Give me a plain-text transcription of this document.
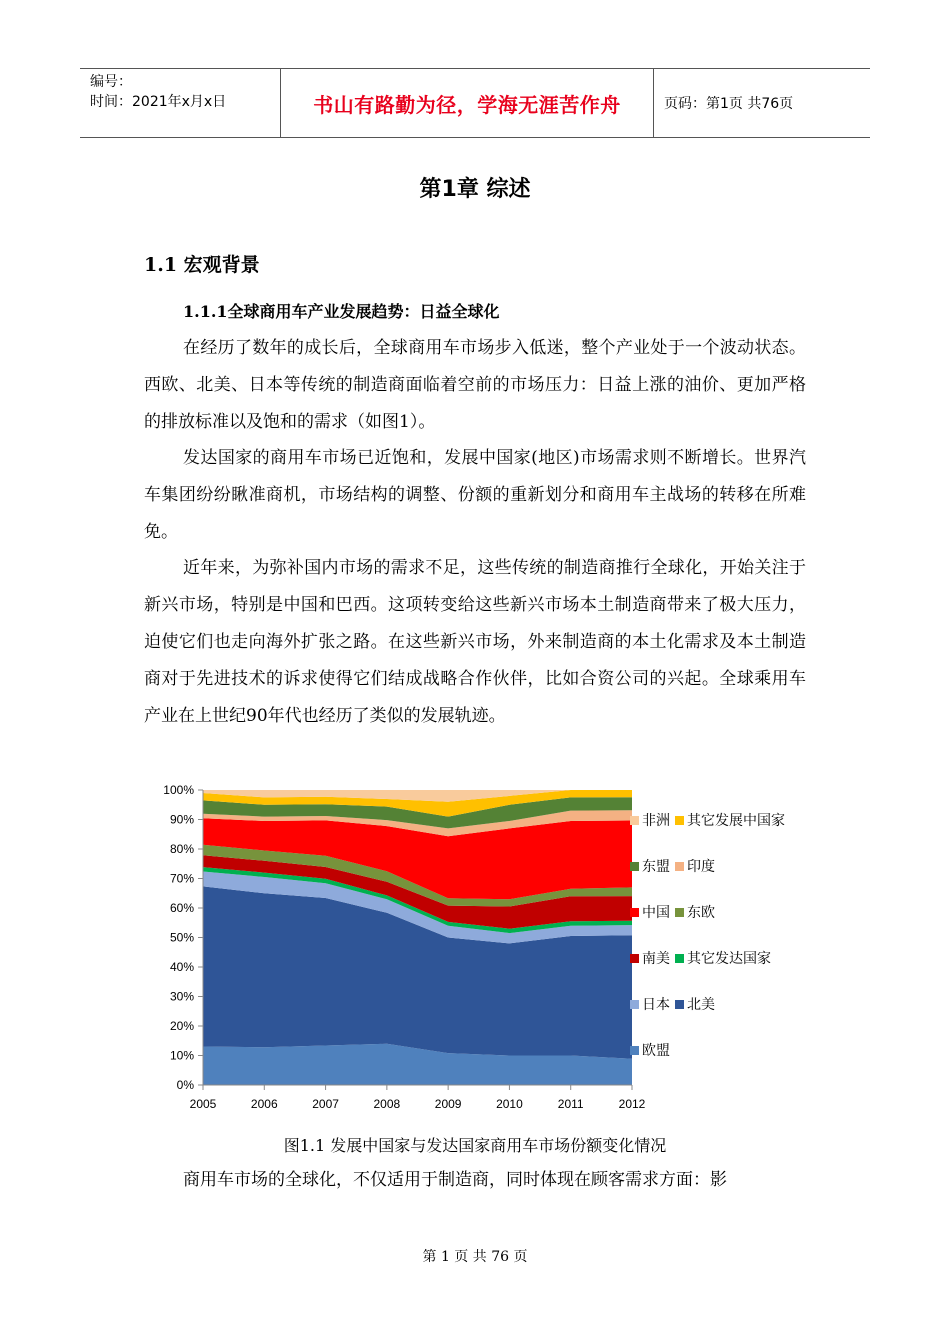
编号：
时间：2021年x月x日	书山有路勤为径，学海无涯苦作舟	页码：第1页 共76页
第1章 综述
1.1 宏观背景
1.1.1全球商用车产业发展趋势：日益全球化
在经历了数年的成长后，全球商用车市场步入低迷，整个产业处于一个波动状态。西欧、北美、日本等传统的制造商面临着空前的市场压力：日益上涨的油价、更加严格的排放标准以及饱和的需求（如图1）。
发达国家的商用车市场已近饱和，发展中国家(地区)市场需求则不断增长。世界汽车集团纷纷瞅准商机，市场结构的调整、份额的重新划分和商用车主战场的转移在所难免。
近年来，为弥补国内市场的需求不足，这些传统的制造商推行全球化，开始关注于新兴市场，特别是中国和巴西。这项转变给这些新兴市场本土制造商带来了极大压力，迫使它们也走向海外扩张之路。在这些新兴市场，外来制造商的本土化需求及本土制造商对于先进技术的诉求使得它们结成战略合作伙伴，比如合资公司的兴起。全球乘用车产业在上世纪90年代也经历了类似的发展轨迹。
0%
10%
20%
30%
40%
50%
60%
70%
80%
90%
100%
2005	2006	2007	2008	2009	2010	2011	2012
非洲 其它发展中国家
东盟 印度
中国 东欧
南美 其它发达国家
日本 北美
欧盟
图1.1 发展中国家与发达国家商用车市场份额变化情况
商用车市场的全球化，不仅适用于制造商，同时体现在顾客需求方面：影
第 1 页 共 76 页
